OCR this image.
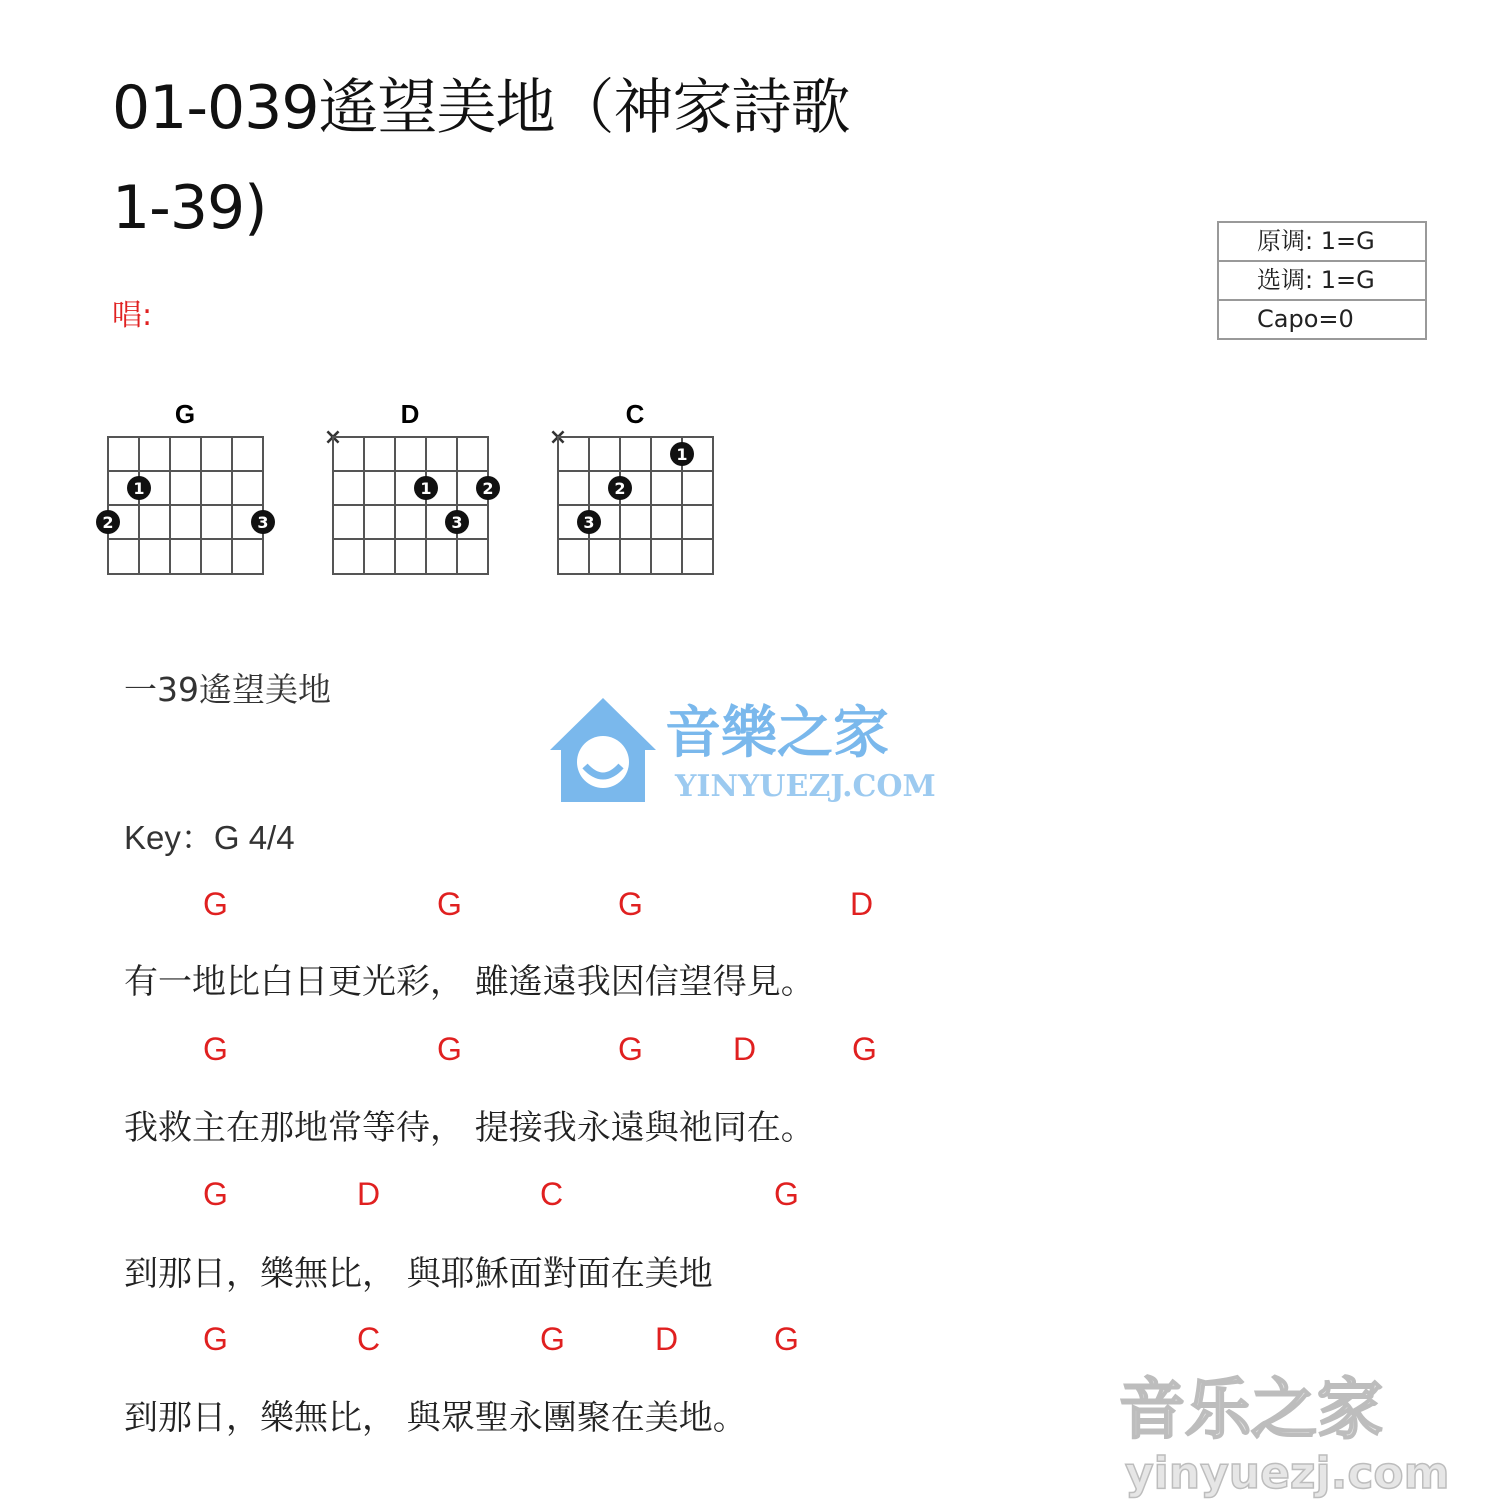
01-039遙望美地（神家詩歌
1-39)
唱:
原调: 1=G
选调: 1=G
Capo=0
G
1
2	3
D
×
1	2
3
C
×
1
2
3
一39遙望美地
音樂之家
YINYUEZJ.COM
Key：G 4/4
G	G	G	D
有一地比白日更光彩， 雖遙遠我因信望得見。
G	G	G	D	G
我救主在那地常等待， 提接我永遠與祂同在。
G	D	C	G
到那日，樂無比， 與耶穌面對面在美地
G	C	G	D	G
到那日，樂無比， 與眾聖永團聚在美地。	音乐之家
yinyuezj.com
